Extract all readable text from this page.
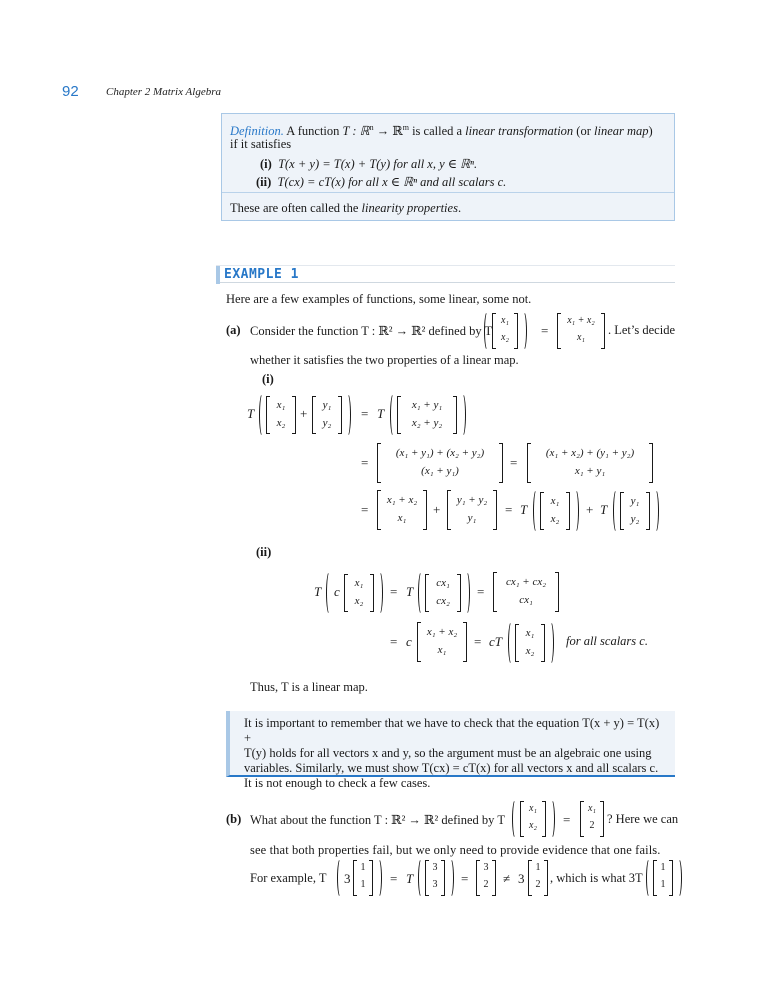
92 Chapter 2 Matrix Algebra
Definition. A function T : ℝ$^n$ → ℝ$^m$ is called a linear transformation (or linear map)
if it satisfies
(i) T(x + y) = T(x) + T(y) for all x, y ∈ ℝⁿ.
(ii) T(cx) = cT(x) for all x ∈ ℝⁿ and all scalars c.
These are often called the linearity properties.
EXAMPLE 1
Here are a few examples of functions, some linear, some not.
(a) Consider the function T : ℝ² → ℝ² defined by T
x₁
x₂ =
x₁ + x₂
x₁
. Let’s decide
whether it satisfies the two properties of a linear map.
(i)
T
x₁
x₂
+
y₁
y₂
= T
x₁ + y₁
x₂ + y₂
=
(x₁ + y₁) + (x₂ + y₂)
(x₁ + y₁)
=
(x₁ + x₂) + (y₁ + y₂)
x₁ + y₁
=
x₁ + x₂
x₁
+
y₁ + y₂
y₁
= T
x₁
x₂
+ T
y₁
y₂
(ii)
T c
x₁
x₂
= T
cx₁
cx₂
=
cx₁ + cx₂
cx₁
= c
x₁ + x₂
x₁
= cT
x₁
x₂
for all scalars c.
Thus, T is a linear map.
It is important to remember that we have to check that the equation T(x + y) = T(x) +
T(y) holds for all vectors x and y, so the argument must be an algebraic one using
variables. Similarly, we must show T(cx) = cT(x) for all vectors x and all scalars c.
It is not enough to check a few cases.
(b) What about the function T : ℝ² → ℝ² defined by T
x₁
x₂ =
x₁
2 ? Here we can
see that both properties fail, but we only need to provide evidence that one fails.
For example, T 3
1
1 = T
3
3 =
3
2 ≠ 3
1
2 , which is what 3T
1
1
